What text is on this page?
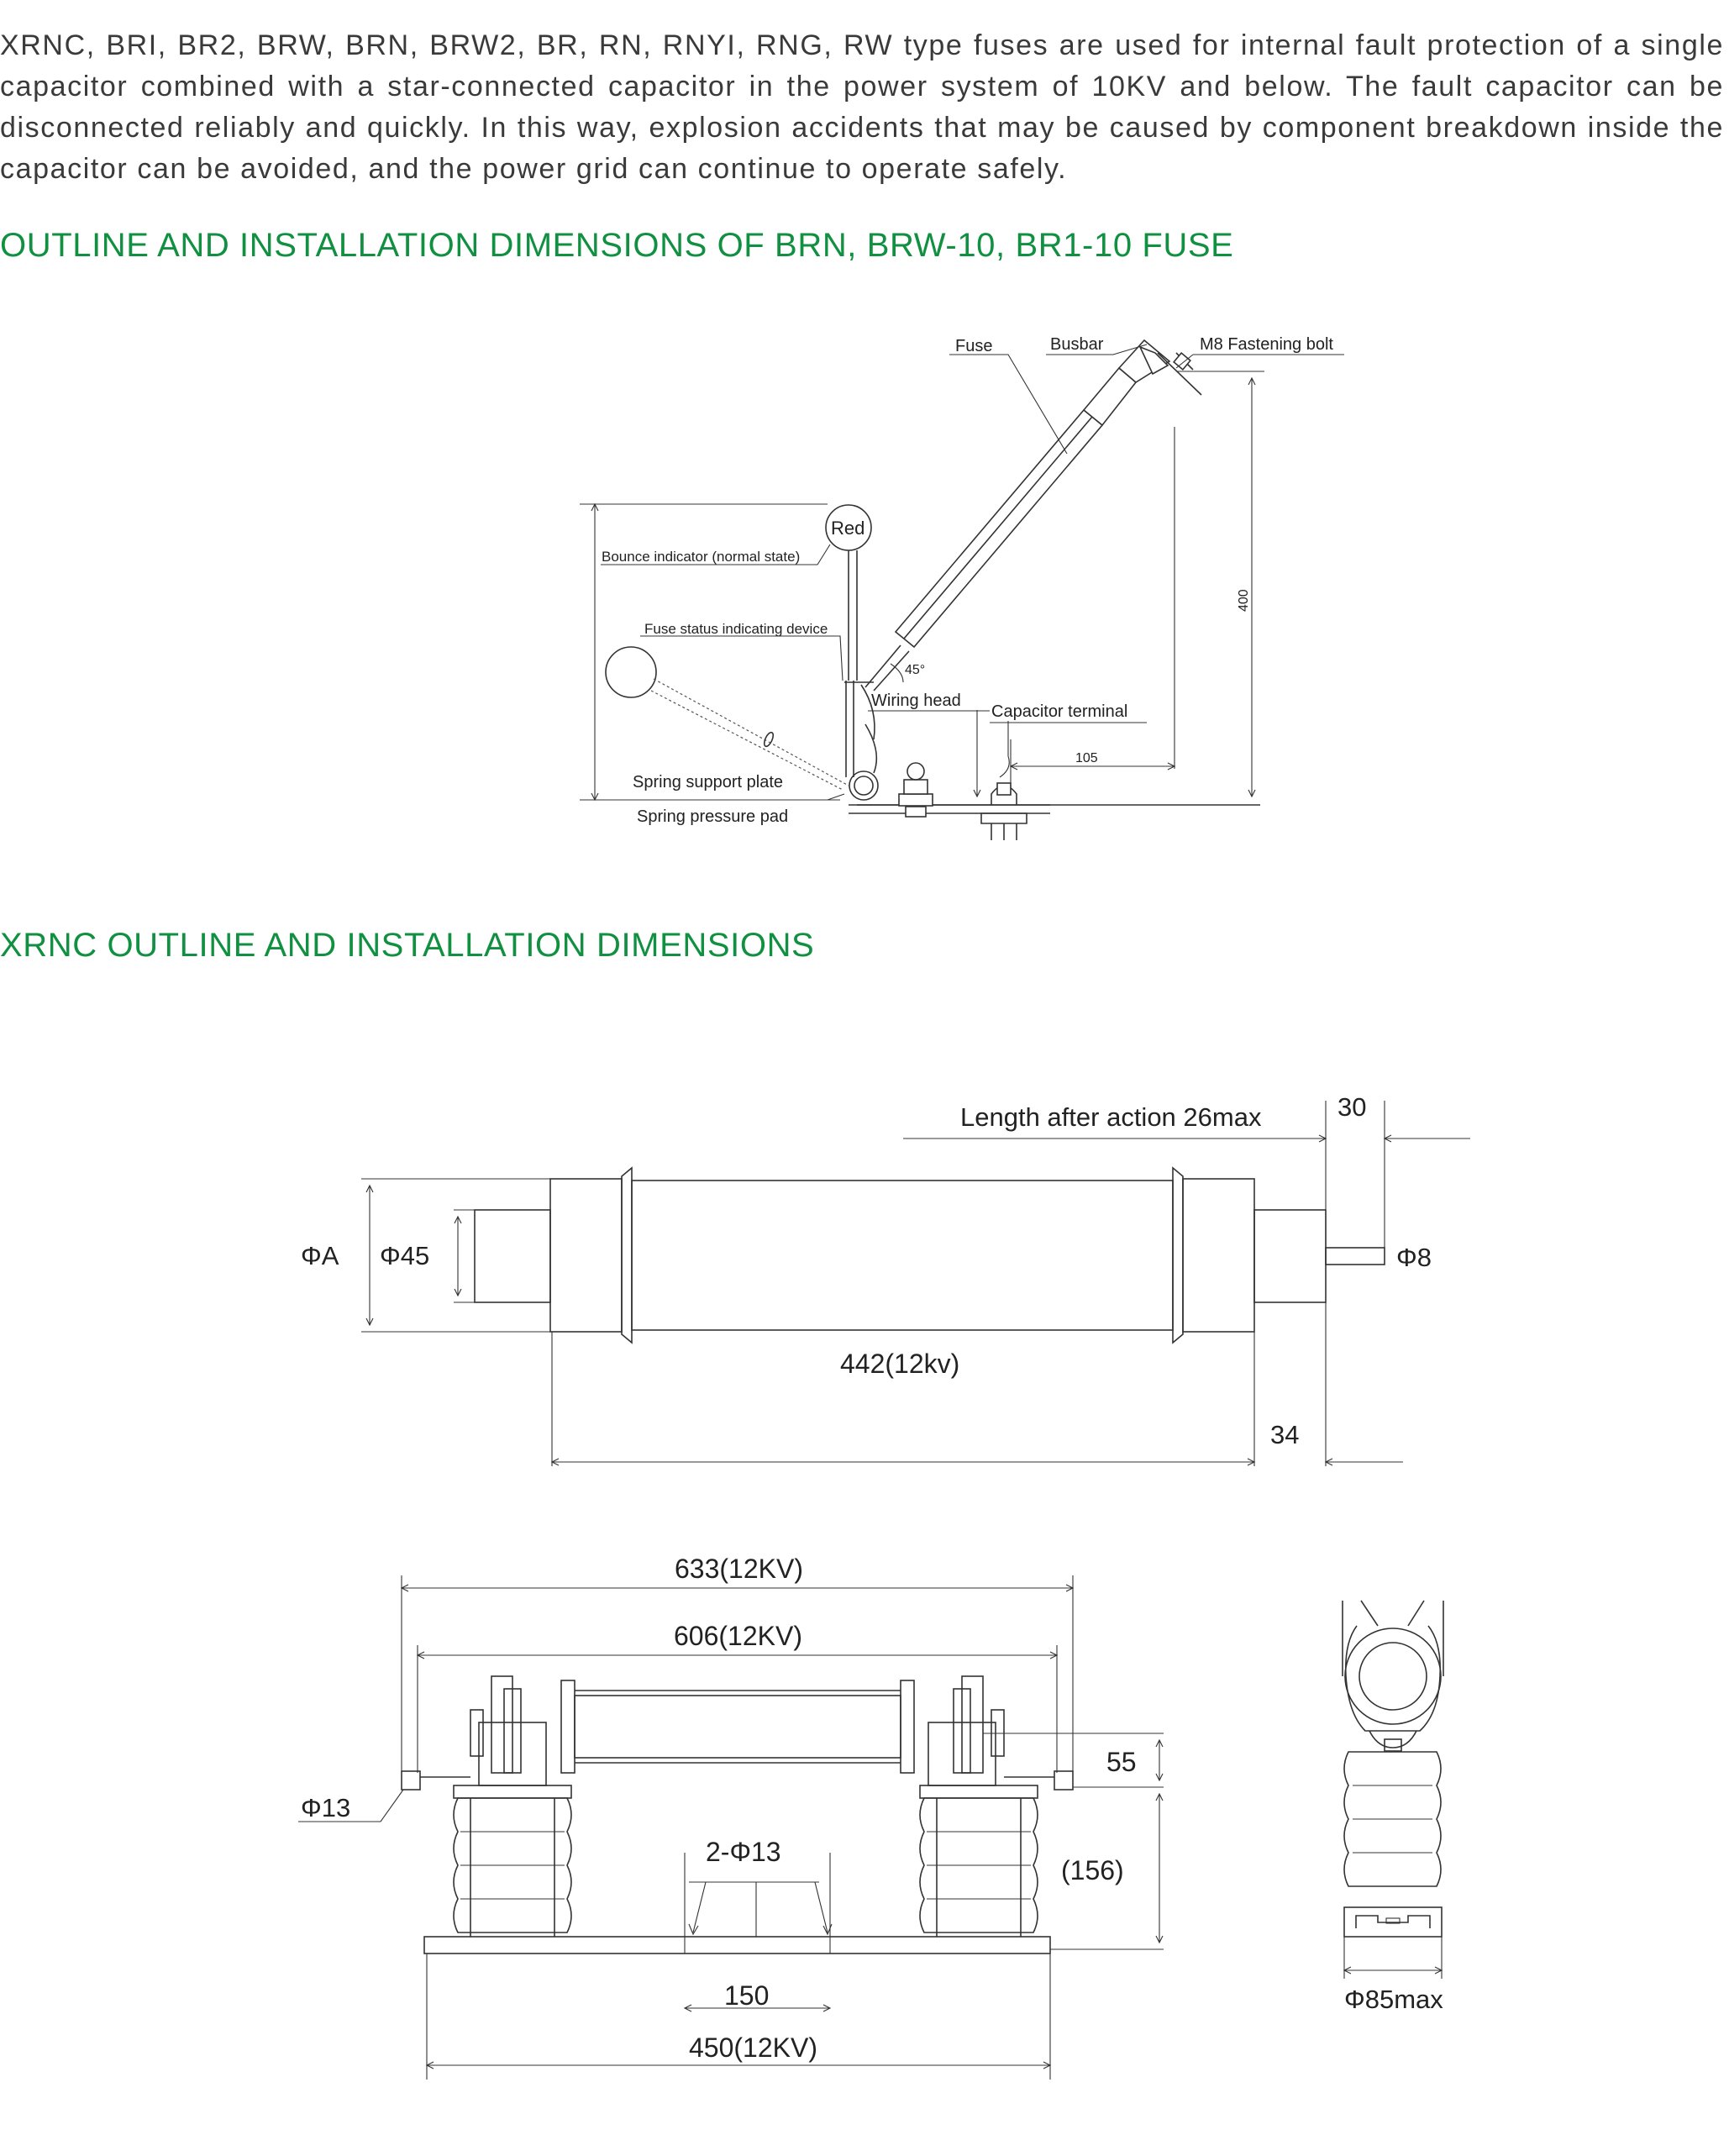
XRNC, BRI, BR2, BRW, BRN, BRW2, BR, RN, RNYI, RNG, RW type fuses are used for internal fault protection of a single capacitor combined with a star-connected capacitor in the power system of 10KV and below. The fault capacitor can be disconnected reliably and quickly. In this way, explosion accidents that may be caused by component breakdown inside the capacitor can be avoided, and the power grid can continue to operate safely.

OUTLINE AND INSTALLATION DIMENSIONS OF BRN, BRW-10, BR1-10 FUSE
XRNC OUTLINE AND INSTALLATION DIMENSIONS
Fuse	Busbar	M8 Fastening bolt
Red
Bounce indicator (normal state)
Fuse status indicating device
45°
Wiring head
Capacitor terminal
105
400
Spring support plate
Spring pressure pad
Length after action 26max	30
ΦA Φ45	Φ8
442(12kv)
34
633(12KV)
606(12KV)
55
Φ13
2-Φ13
(156)
150
450(12KV)
Φ85max
